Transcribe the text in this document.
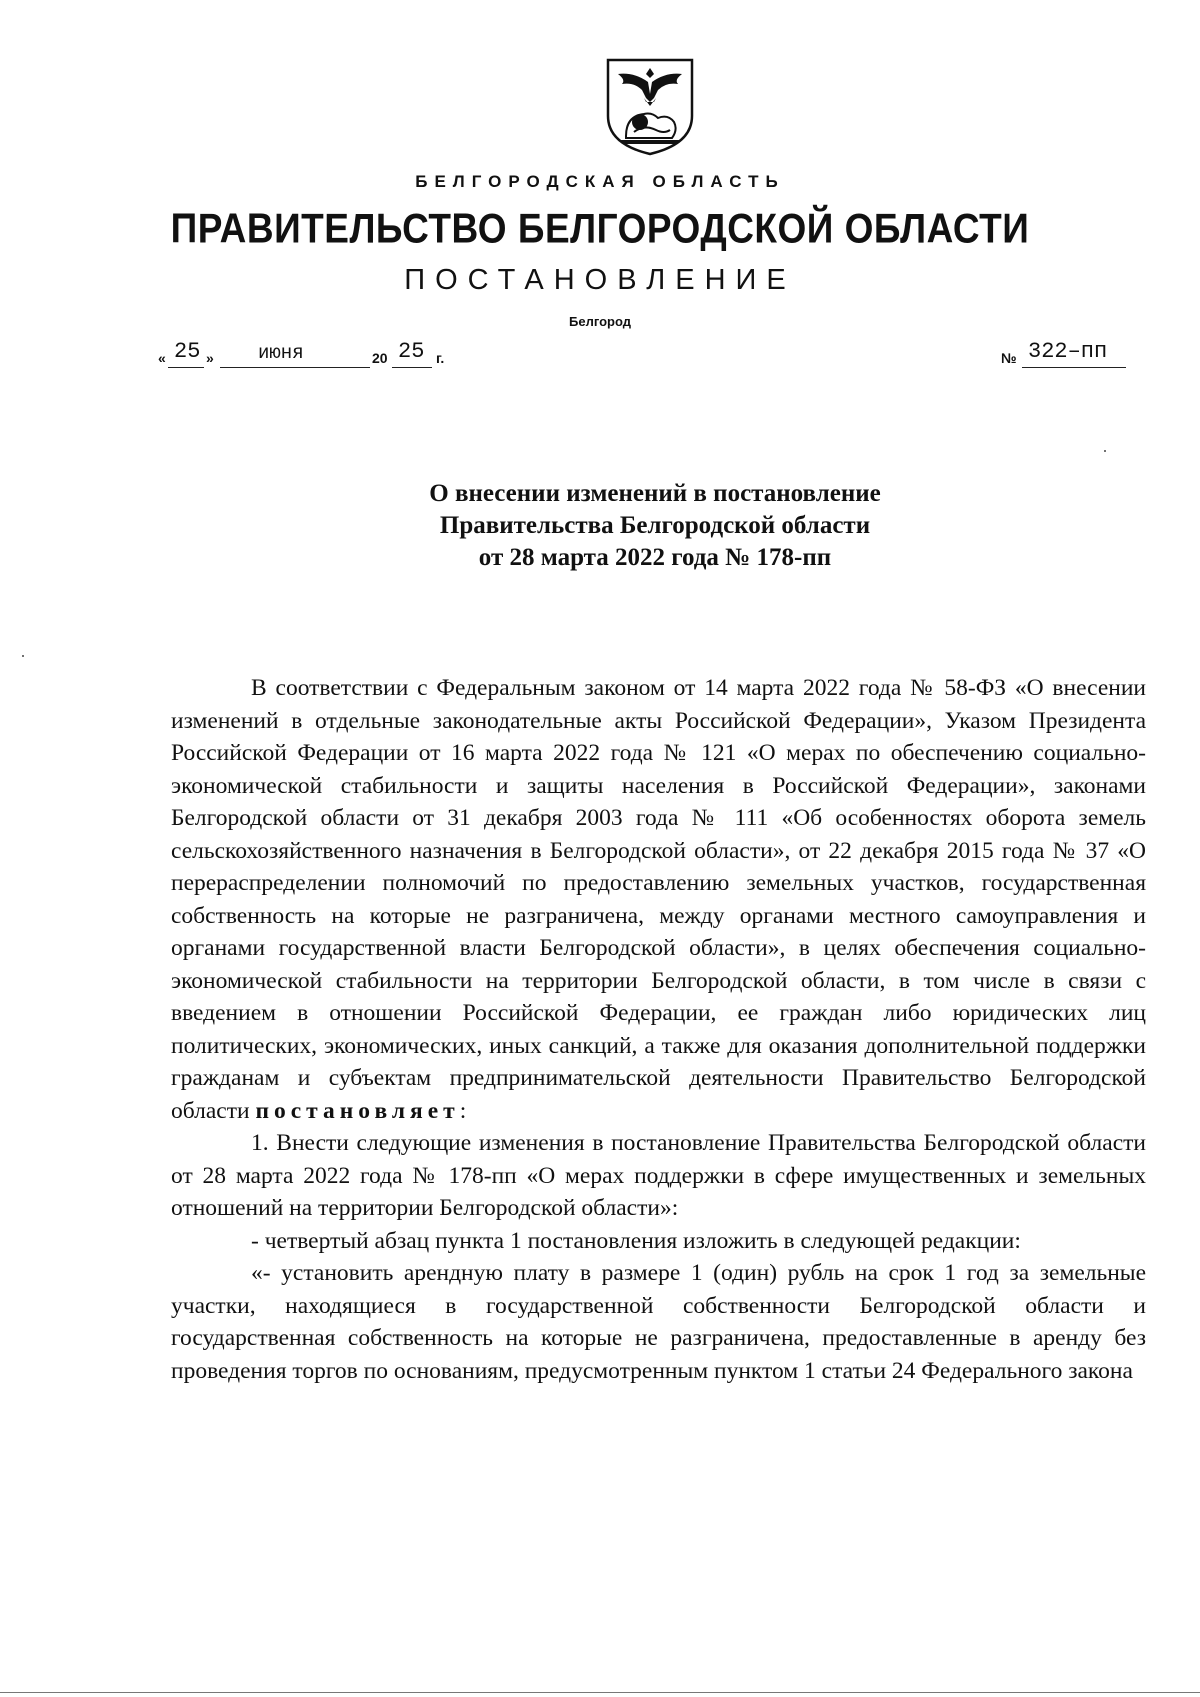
БЕЛГОРОДСКАЯ ОБЛАСТЬ
ПРАВИТЕЛЬСТВО БЕЛГОРОДСКОЙ ОБЛАСТИ
ПОСТАНОВЛЕНИЕ
Белгород
« 25 » июня	20 25 г.	№ 322–пп
О внесении изменений в постановление
Правительства Белгородской области
от 28 марта 2022 года № 178-пп

В соответствии с Федеральным законом от 14 марта 2022 года № 58-ФЗ «О внесении изменений в отдельные законодательные акты Российской Федерации», Указом Президента Российской Федерации от 16 марта 2022 года № 121 «О мерах по обеспечению социально-экономической стабильности и защиты населения в Российской Федерации», законами Белгородской области от 31 декабря 2003 года № 111 «Об особенностях оборота земель сельскохозяйственного назначения в Белгородской области», от 22 декабря 2015 года № 37 «О перераспределении полномочий по предоставлению земельных участков, государственная собственность на которые не разграничена, между органами местного самоуправления и органами государственной власти Белгородской области», в целях обеспечения социально-экономической стабильности на территории Белгородской области, в том числе в связи с введением в отношении Российской Федерации, ее граждан либо юридических лиц политических, экономических, иных санкций, а также для оказания дополнительной поддержки гражданам и субъектам предпринимательской деятельности Правительство Белгородской области постановляет:

1. Внести следующие изменения в постановление Правительства Белгородской области от 28 марта 2022 года № 178-пп «О мерах поддержки в сфере имущественных и земельных отношений на территории Белгородской области»:

- четвертый абзац пункта 1 постановления изложить в следующей редакции:

«- установить арендную плату в размере 1 (один) рубль на срок 1 год за земельные участки, находящиеся в государственной собственности Белгородской области и государственная собственность на которые не разграничена, предоставленные в аренду без проведения торгов по основаниям, предусмотренным пунктом 1 статьи 24 Федерального закона
